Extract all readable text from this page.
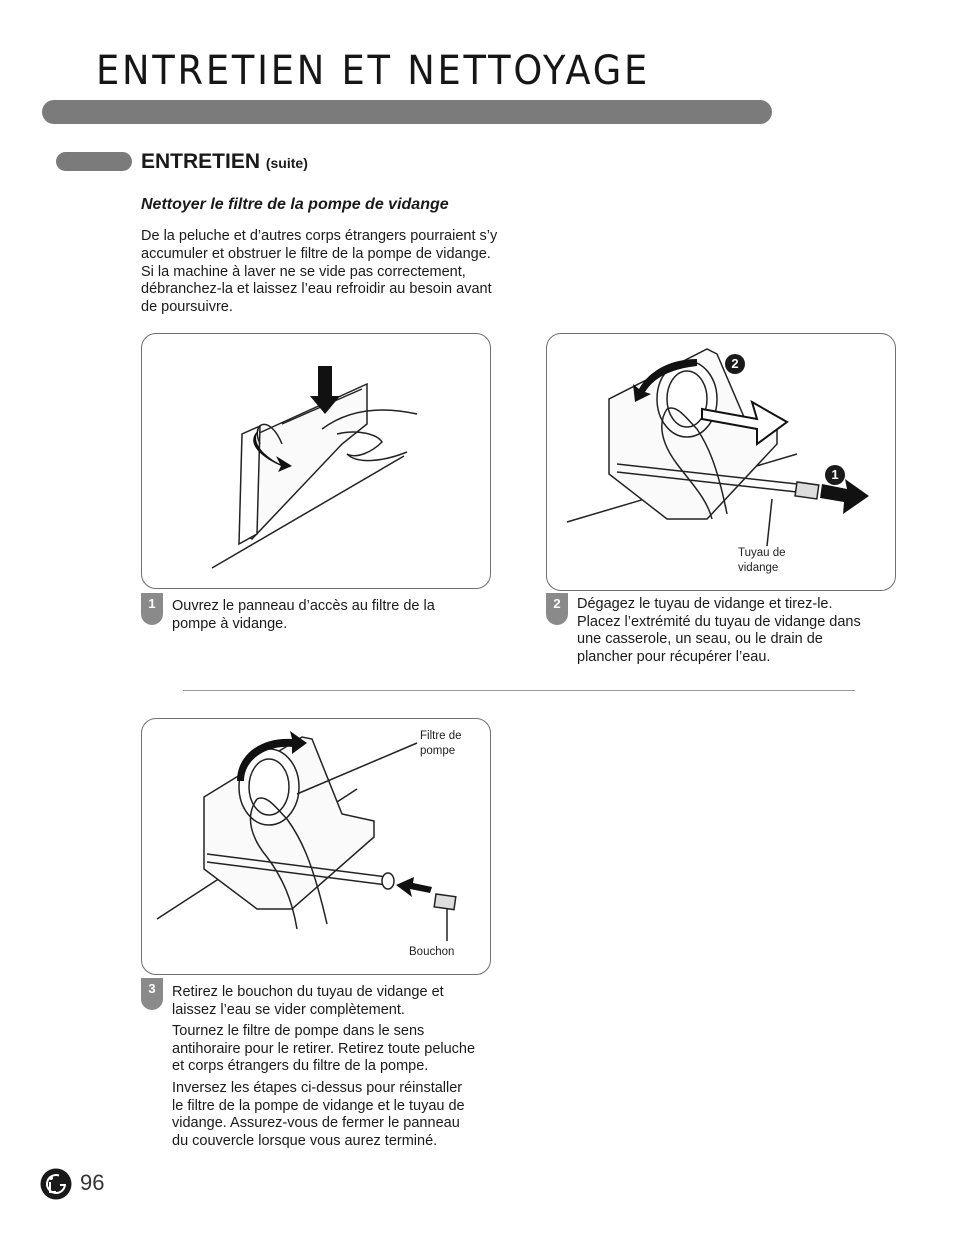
ENTRETIEN ET NETTOYAGE
ENTRETIEN (suite)
Nettoyer le filtre de la pompe de vidange
De la peluche et d’autres corps étrangers pourraient s’y accumuler et obstruer le filtre de la pompe de vidange. Si la machine à laver ne se vide pas correctement, débranchez-la et laissez l’eau refroidir au besoin avant de poursuivre.
1	Ouvrez le panneau d’accès au filtre de la pompe à vidange.

2
1
Tuyau de vidange
2	Dégagez le tuyau de vidange et tirez-le. Placez l’extrémité du tuyau de vidange dans une casserole, un seau, ou le drain de plancher pour récupérer l’eau.

Filtre de pompe
Bouchon
3	Retirez le bouchon du tuyau de vidange et laissez l’eau se vider complètement.

Tournez le filtre de pompe dans le sens antihoraire pour le retirer. Retirez toute peluche et corps étrangers du filtre de la pompe.

Inversez les étapes ci-dessus pour réinstaller le filtre de la pompe de vidange et le tuyau de vidange. Assurez-vous de fermer le panneau du couvercle lorsque vous aurez terminé.

96
